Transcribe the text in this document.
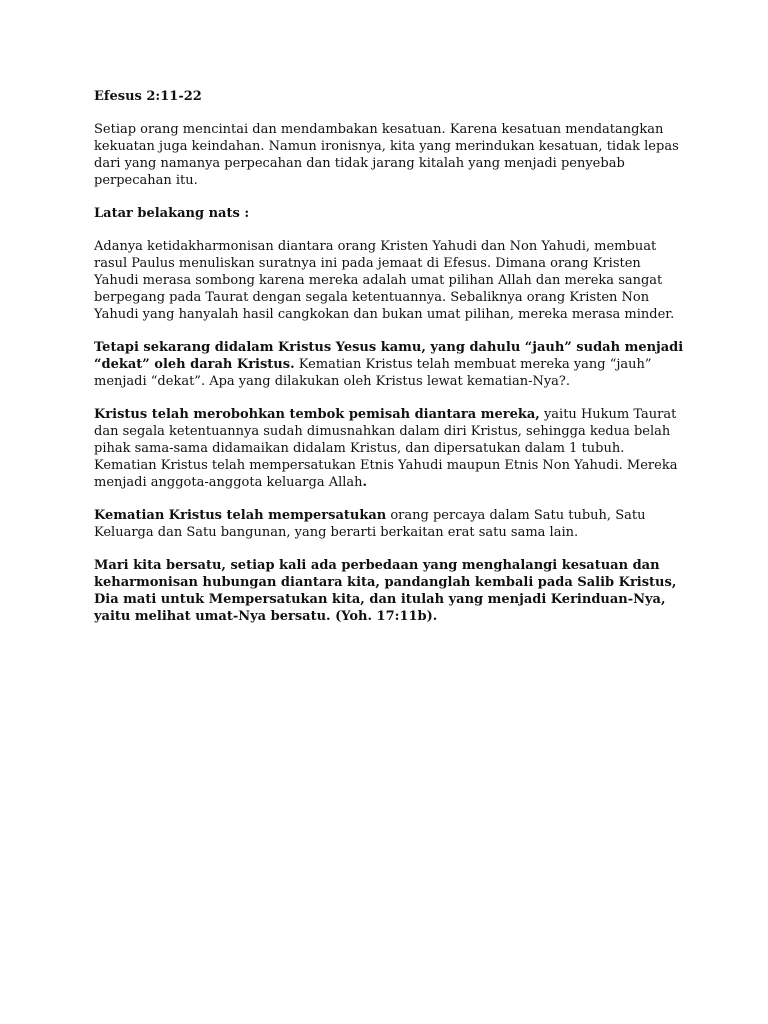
Efesus 2:11-22

Setiap orang mencintai dan mendambakan kesatuan. Karena kesatuan mendatangkan kekuatan juga keindahan. Namun ironisnya, kita yang merindukan kesatuan, tidak lepas dari yang namanya perpecahan dan tidak jarang kitalah yang menjadi penyebab perpecahan itu.

Latar belakang nats :

Adanya ketidakharmonisan diantara orang Kristen Yahudi dan Non Yahudi, membuat rasul Paulus menuliskan suratnya ini pada jemaat di Efesus. Dimana orang Kristen Yahudi merasa sombong karena mereka adalah umat pilihan Allah dan mereka sangat berpegang pada Taurat dengan segala ketentuannya. Sebaliknya orang Kristen Non Yahudi yang hanyalah hasil cangkokan dan bukan umat pilihan, mereka merasa minder.

Tetapi sekarang didalam Kristus Yesus kamu, yang dahulu “jauh” sudah menjadi “dekat” oleh darah Kristus. Kematian Kristus telah membuat mereka yang “jauh” menjadi “dekat”. Apa yang dilakukan oleh Kristus lewat kematian-Nya?.

Kristus telah merobohkan tembok pemisah diantara mereka, yaitu Hukum Taurat dan segala ketentuannya sudah dimusnahkan dalam diri Kristus, sehingga kedua belah pihak sama-sama didamaikan didalam Kristus, dan dipersatukan dalam 1 tubuh. Kematian Kristus telah mempersatukan Etnis Yahudi maupun Etnis Non Yahudi. Mereka menjadi anggota-anggota keluarga Allah.

Kematian Kristus telah mempersatukan orang percaya dalam Satu tubuh, Satu Keluarga dan Satu bangunan, yang berarti berkaitan erat satu sama lain.

Mari kita bersatu, setiap kali ada perbedaan yang menghalangi kesatuan dan keharmonisan hubungan diantara kita, pandanglah kembali pada Salib Kristus, Dia mati untuk Mempersatukan kita, dan itulah yang menjadi Kerinduan-Nya, yaitu melihat umat-Nya bersatu. (Yoh. 17:11b).
